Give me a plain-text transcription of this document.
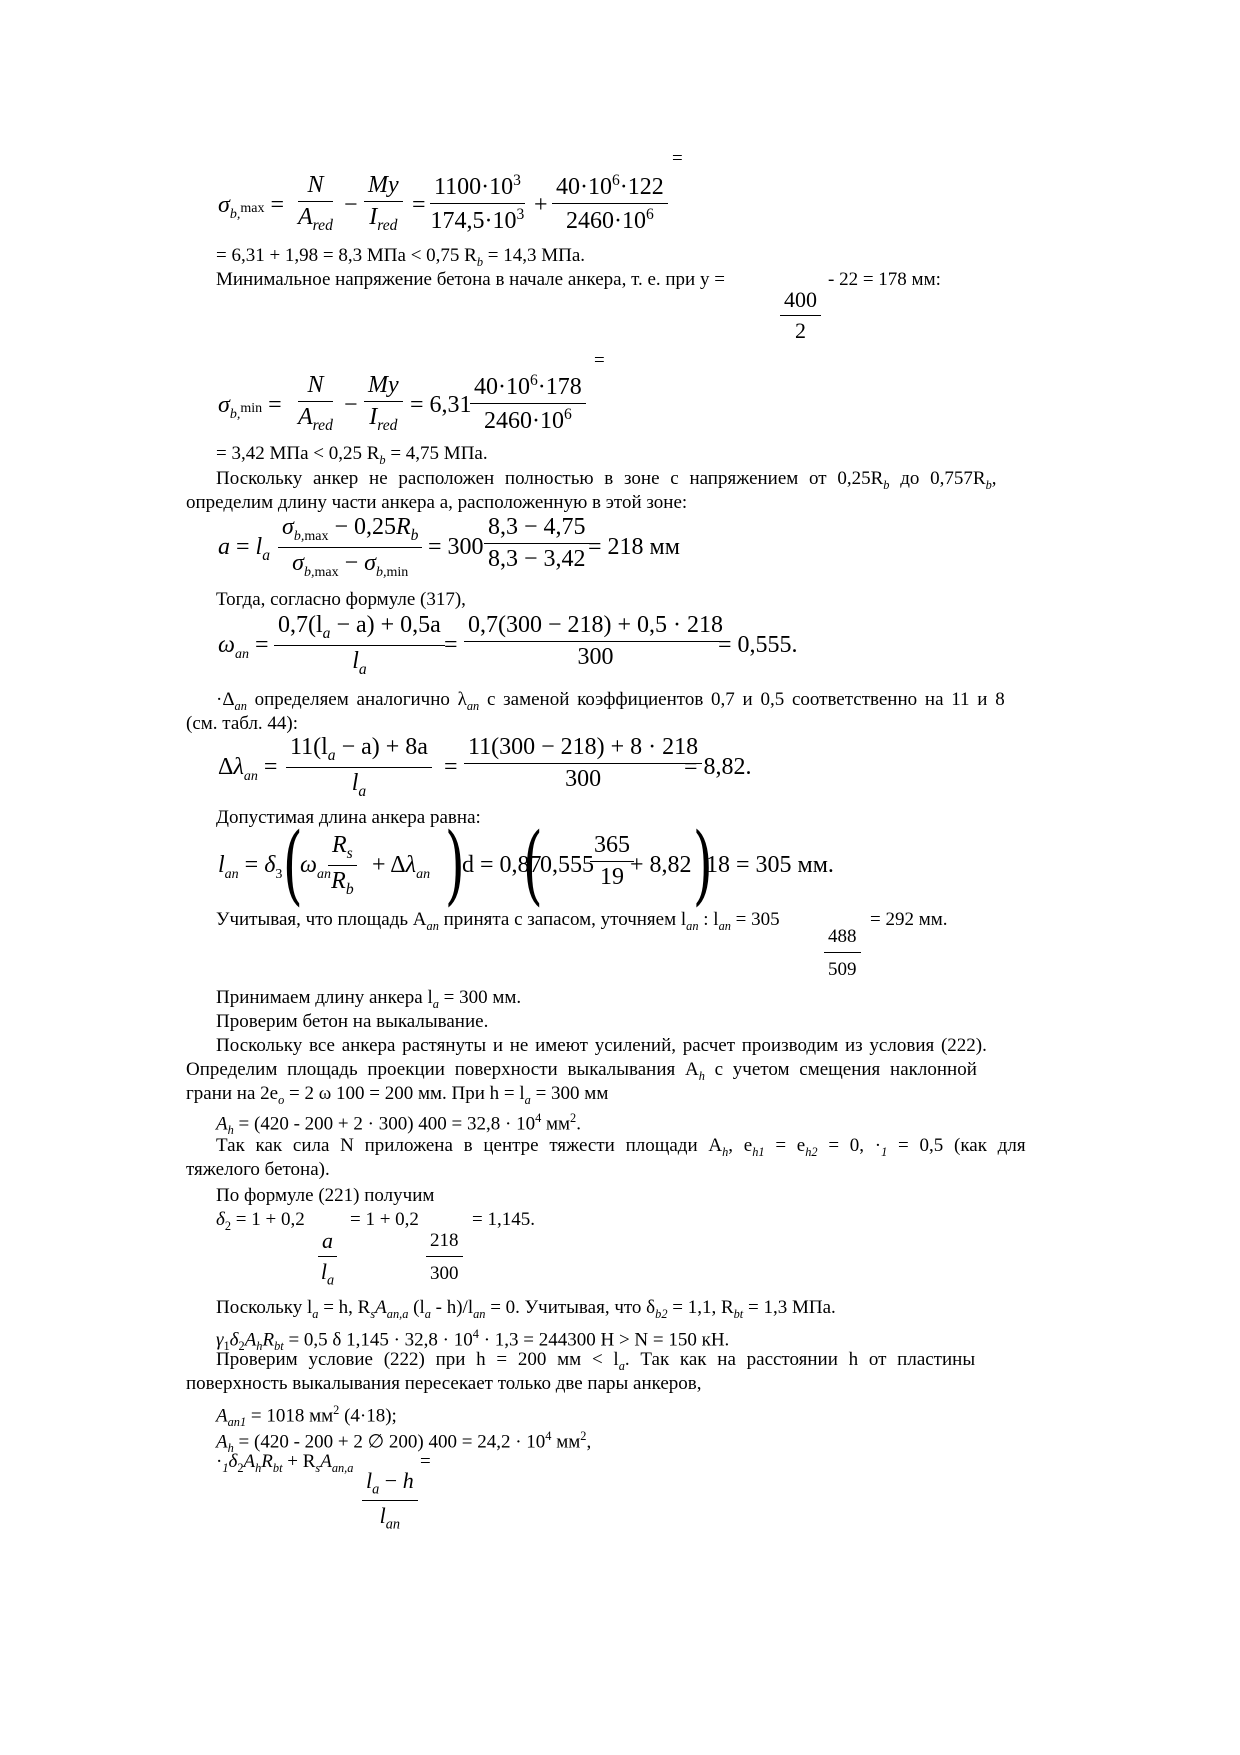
=
$\sigma_{b,}\max$ =
N
$A_{red}$
−
My
$I_{red}$
= $\frac{1100\cdot 10^3}{174,5\cdot 10^3} + \frac{40\cdot 10^6\cdot 122}{2460\cdot 10^6}$
= 6,31 + 1,98 = 8,3 МПа < 0,75 $R_b = 14,3$ МПа.
Минимальное напряжение бетона в начале анкера, т. е. при y =	- 22 = 178 мм:
$\frac{400}{2}$
=
$\sigma_{b,}\min$ =
N
$A_{red}$
−
My
$I_{red}$
= 6,31
$\frac{40\cdot 10^6\cdot 178}{2460\cdot 10^6}$
= 3,42 МПа < 0,25 $R_b = 4,75$ МПа.
Поскольку анкер не расположен полностью в зоне с напряжением от $0,25R_b$ до $0,757R_b$,
определим длину части анкера a, расположенную в этой зоне:
$a = l_a$
$\sigma_{b,max} - 0,25R_b$
$\sigma_{b,max} - \sigma_{b,min}$
= $300 \frac{8,3 - 4,75}{8,3 - 3,42}$
= 218 мм
Тогда, согласно формуле (317),
$\omega_{an} = \frac{0,7(l_a - a) + 0,5a}{l_a} = \frac{0,7(300 - 218) + 0,5 \cdot 218}{300}$
= 0,555.
$\cdot\Delta_{an}$ определяем аналогично $\lambda_{an}$ с заменой коэффициентов 0,7 и 0,5 соответственно на 11 и 8
(см. табл. 44):
$\Delta\lambda_{an} = \frac{11(l_a - a) + 8a}{l_a} = \frac{11(300 - 218) + 8 \cdot 218}{300}$
= 8,82.
Допустимая длина анкера равна:
$l_{an} = \delta_3$ (
$\omega_{an}$
$\frac{R_s}{R_b} + \Delta\lambda_{an}$ )
d = 0,87
(
0,555
$\frac{365}{19}$
+ 8,82 )
18 = 305 мм.
Учитывая, что площадь $A_{an}$ принята с запасом, уточняем $l_{an}$ : $l_{an} = 305$	= 292 мм.
$\frac{488}{509}$
Принимаем длину анкера $l_a = 300$ мм.
Проверим бетон на выкалывание.
Поскольку все анкера растянуты и не имеют усилений, расчет производим из условия (222).
Определим площадь проекции поверхности выкалывания $A_h$ с учетом смещения наклонной
грани на $2e_o = 2$ ω 100 = 200 мм. При $h = l_a = 300$ мм
$A_h = (420 - 200 + 2 \cdot 300) 400 = 32,8 \cdot 10^4$ $мм^2$.
Так как сила N приложена в центре тяжести площади $A_h$, $e_{h1} = e_{h2} = 0$, $\cdot_1 = 0,5$ (как для
тяжелого бетона).
По формуле (221) получим
$\delta_2 = 1 + 0,2 = 1 + 0,2$	= 1,145.
$\frac{a}{l_a}$	$\frac{218}{300}$
Поскольку $l_a = h$, $R_sA_{an,a}$ $(l_a - h)/l_{an} = 0$. Учитывая, что $\delta_{b2} = 1,1$, $R_{bt} = 1,3$ МПа.
$\gamma_1\delta_2A_hR_{bt} = 0,5$ δ $1,145 \cdot 32,8 \cdot 10^4 \cdot 1,3 = 244300$ Н > N = 150 кН.
Проверим условие (222) при h = 200 мм < $l_a$. Так как на расстоянии h от пластины
поверхность выкалывания пересекает только две пары анкеров,
$A_{an1} = 1018$ $мм^2$ (4·18);
$A_h = (420 - 200 + 2$ ∅ 200) $400 = 24,2 \cdot 10^4$ $мм^2$,
$\cdot_1\delta_2A_hR_{bt} + R_sA_{an,a}$	=
$l_a - h$
$l_{an}$
